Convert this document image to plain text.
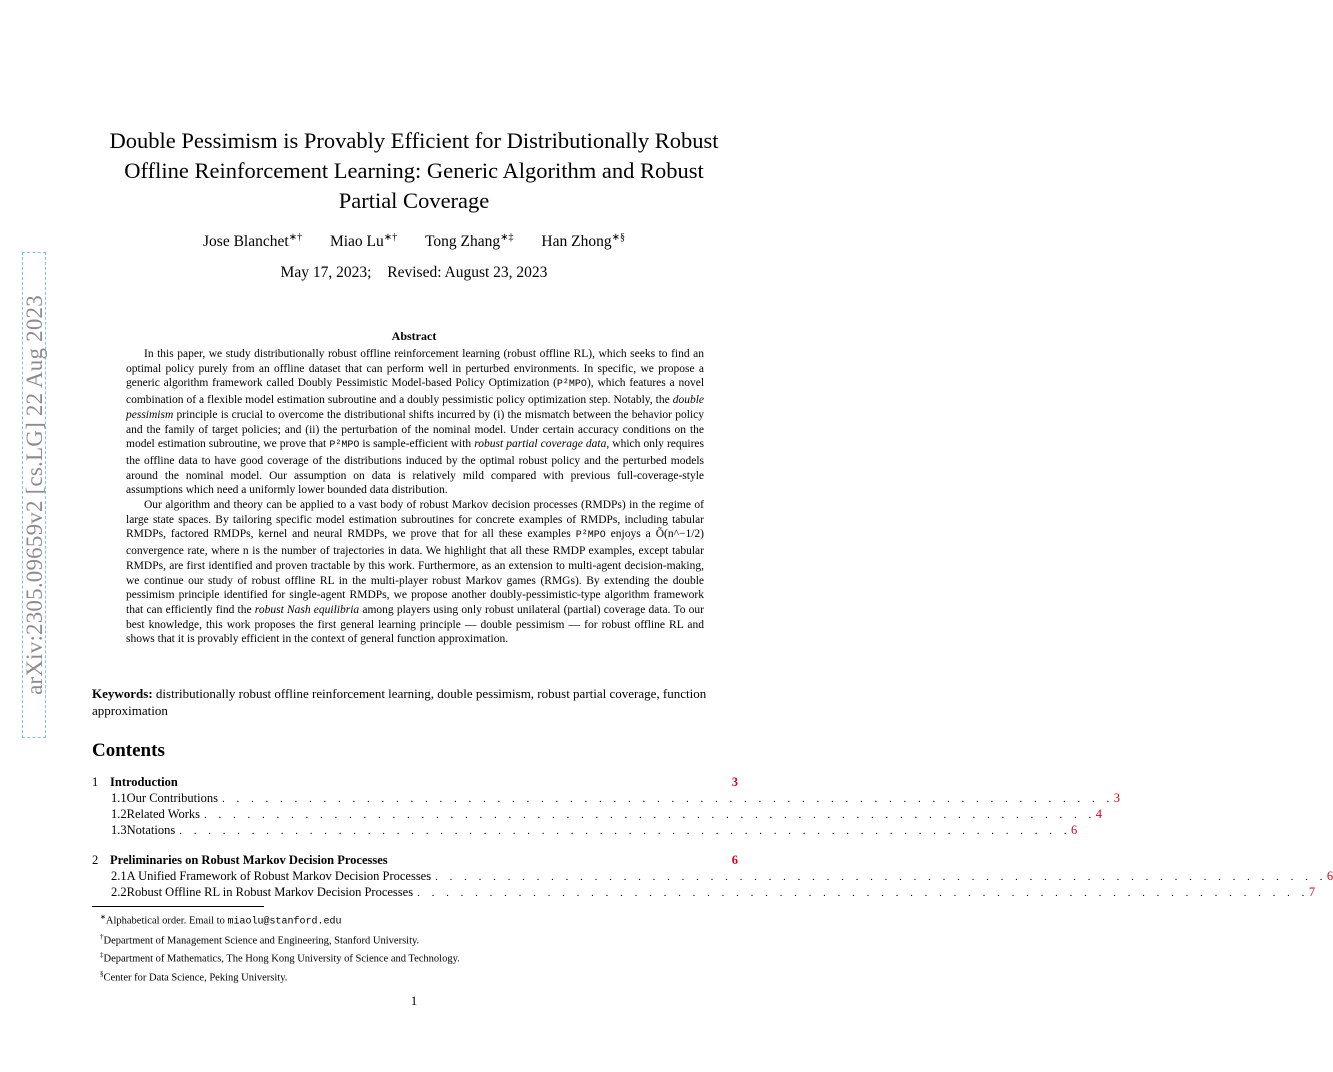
arXiv:2305.09659v2 [cs.LG] 22 Aug 2023
Double Pessimism is Provably Efficient for Distributionally Robust
Offline Reinforcement Learning: Generic Algorithm and Robust
Partial Coverage
Jose Blanchet∗† Miao Lu∗† Tong Zhang∗‡ Han Zhong∗§
May 17, 2023; Revised: August 23, 2023
Abstract

In this paper, we study distributionally robust offline reinforcement learning (robust offline RL), which seeks to find an optimal policy purely from an offline dataset that can perform well in perturbed environments. In specific, we propose a generic algorithm framework called Doubly Pessimistic Model-based Policy Optimization (P²MPO), which features a novel combination of a flexible model estimation subroutine and a doubly pessimistic policy optimization step. Notably, the double pessimism principle is crucial to overcome the distributional shifts incurred by (i) the mismatch between the behavior policy and the family of target policies; and (ii) the perturbation of the nominal model. Under certain accuracy conditions on the model estimation subroutine, we prove that P²MPO is sample-efficient with robust partial coverage data, which only requires the offline data to have good coverage of the distributions induced by the optimal robust policy and the perturbed models around the nominal model. Our assumption on data is relatively mild compared with previous full-coverage-style assumptions which need a uniformly lower bounded data distribution.

Our algorithm and theory can be applied to a vast body of robust Markov decision processes (RMDPs) in the regime of large state spaces. By tailoring specific model estimation subroutines for concrete examples of RMDPs, including tabular RMDPs, factored RMDPs, kernel and neural RMDPs, we prove that for all these examples P²MPO enjoys a Õ(n^−1/2) convergence rate, where n is the number of trajectories in data. We highlight that all these RMDP examples, except tabular RMDPs, are first identified and proven tractable by this work. Furthermore, as an extension to multi-agent decision-making, we continue our study of robust offline RL in the multi-player robust Markov games (RMGs). By extending the double pessimism principle identified for single-agent RMDPs, we propose another doubly-pessimistic-type algorithm framework that can efficiently find the robust Nash equilibria among players using only robust unilateral (partial) coverage data. To our best knowledge, this work proposes the first general learning principle — double pessimism — for robust offline RL and shows that it is provably efficient in the context of general function approximation.

Keywords: distributionally robust offline reinforcement learning, double pessimism, robust partial coverage, function approximation
Contents
1 Introduction	3
1.1 Our Contributions . . . . . . . . . . . . . . . . . . . . . . . . . . . . . . . . . . . . . . . . . . . . . . . . . . . . . . . . . . . . . . 3
1.2 Related Works . . . . . . . . . . . . . . . . . . . . . . . . . . . . . . . . . . . . . . . . . . . . . . . . . . . . . . . . . . . . . . 4
1.3 Notations . . . . . . . . . . . . . . . . . . . . . . . . . . . . . . . . . . . . . . . . . . . . . . . . . . . . . . . . . . . . . . 6
2 Preliminaries on Robust Markov Decision Processes	6
2.1 A Unified Framework of Robust Markov Decision Processes . . . . . . . . . . . . . . . . . . . . . . . . . . . . . . . . . . . . . . . . . . . . . . . . . . . . . . . . . . . . . . 6
2.2 Robust Offline RL in Robust Markov Decision Processes . . . . . . . . . . . . . . . . . . . . . . . . . . . . . . . . . . . . . . . . . . . . . . . . . . . . . . . . . . . . . . 7
∗Alphabetical order. Email to miaolu@stanford.edu
†Department of Management Science and Engineering, Stanford University.
‡Department of Mathematics, The Hong Kong University of Science and Technology.
§Center for Data Science, Peking University.
1
